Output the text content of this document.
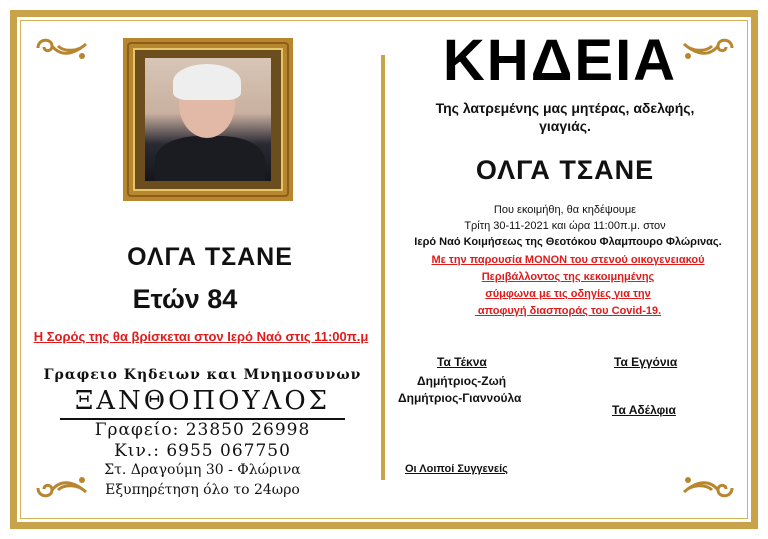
ΟΛΓΑ ΤΣΑΝΕ
Ετών 84
Η Σορός της θα βρίσκεται στον Ιερό Ναό στις 11:00π.μ
Γραφειο Κηδειων και Μνημοσυνων
ΞΑΝΘΟΠΟΥΛΟΣ
Γραφείο: 23850 26998
Κιν.: 6955 067750
Στ. Δραγούμη 30 - Φλώρινα
Εξυπηρέτηση όλο το 24ωρο
ΚΗΔΕΙΑ
Της λατρεμένης μας μητέρας, αδελφής,
γιαγιάς.
ΟΛΓΑ ΤΣΑΝΕ
Που εκοιμήθη, θα κηδέψουμε
Τρίτη 30-11-2021 και ώρα 11:00π.μ. στον
Ιερό Ναό Κοιμήσεως της Θεοτόκου Φλαμπουρο Φλώρινας.
Με την παρουσία ΜΟΝΟΝ του στενού οικογενειακού
Περιβάλλοντος της κεκοιμημένης
σύμφωνα με τις οδηγίες για την
αποφυγή διασποράς του Covid-19.
Τα Τέκνα
Δημήτριος-Ζωή
Δημήτριος-Γιαννούλα
Τα Εγγόνια
Τα Αδέλφια
Οι Λοιποί Συγγενείς
